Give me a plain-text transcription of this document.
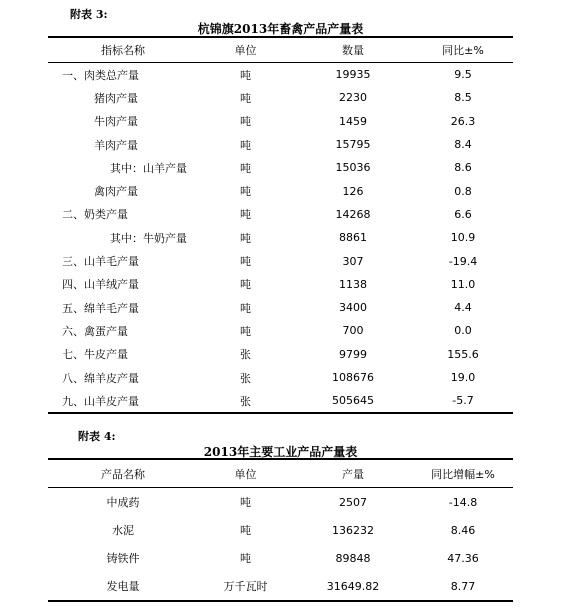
附表 3:
杭锦旗2013年畜禽产品产量表
指标名称	单位	数量	同比±%
一、肉类总产量	吨	19935	9.5
猪肉产量	吨	2230	8.5
牛肉产量	吨	1459	26.3
羊肉产量	吨	15795	8.4
其中：山羊产量	吨	15036	8.6
禽肉产量	吨	126	0.8
二、奶类产量	吨	14268	6.6
其中：牛奶产量	吨	8861	10.9
三、山羊毛产量	吨	307	-19.4
四、山羊绒产量	吨	1138	11.0
五、绵羊毛产量	吨	3400	4.4
六、禽蛋产量	吨	700	0.0
七、牛皮产量	张	9799	155.6
八、绵羊皮产量	张	108676	19.0
九、山羊皮产量	张	505645	-5.7
附表 4:
2013年主要工业产品产量表
产品名称	单位	产量	同比增幅±%
中成药	吨	2507	-14.8
水泥	吨	136232	8.46
铸铁件	吨	89848	47.36
发电量	万千瓦时	31649.82	8.77
